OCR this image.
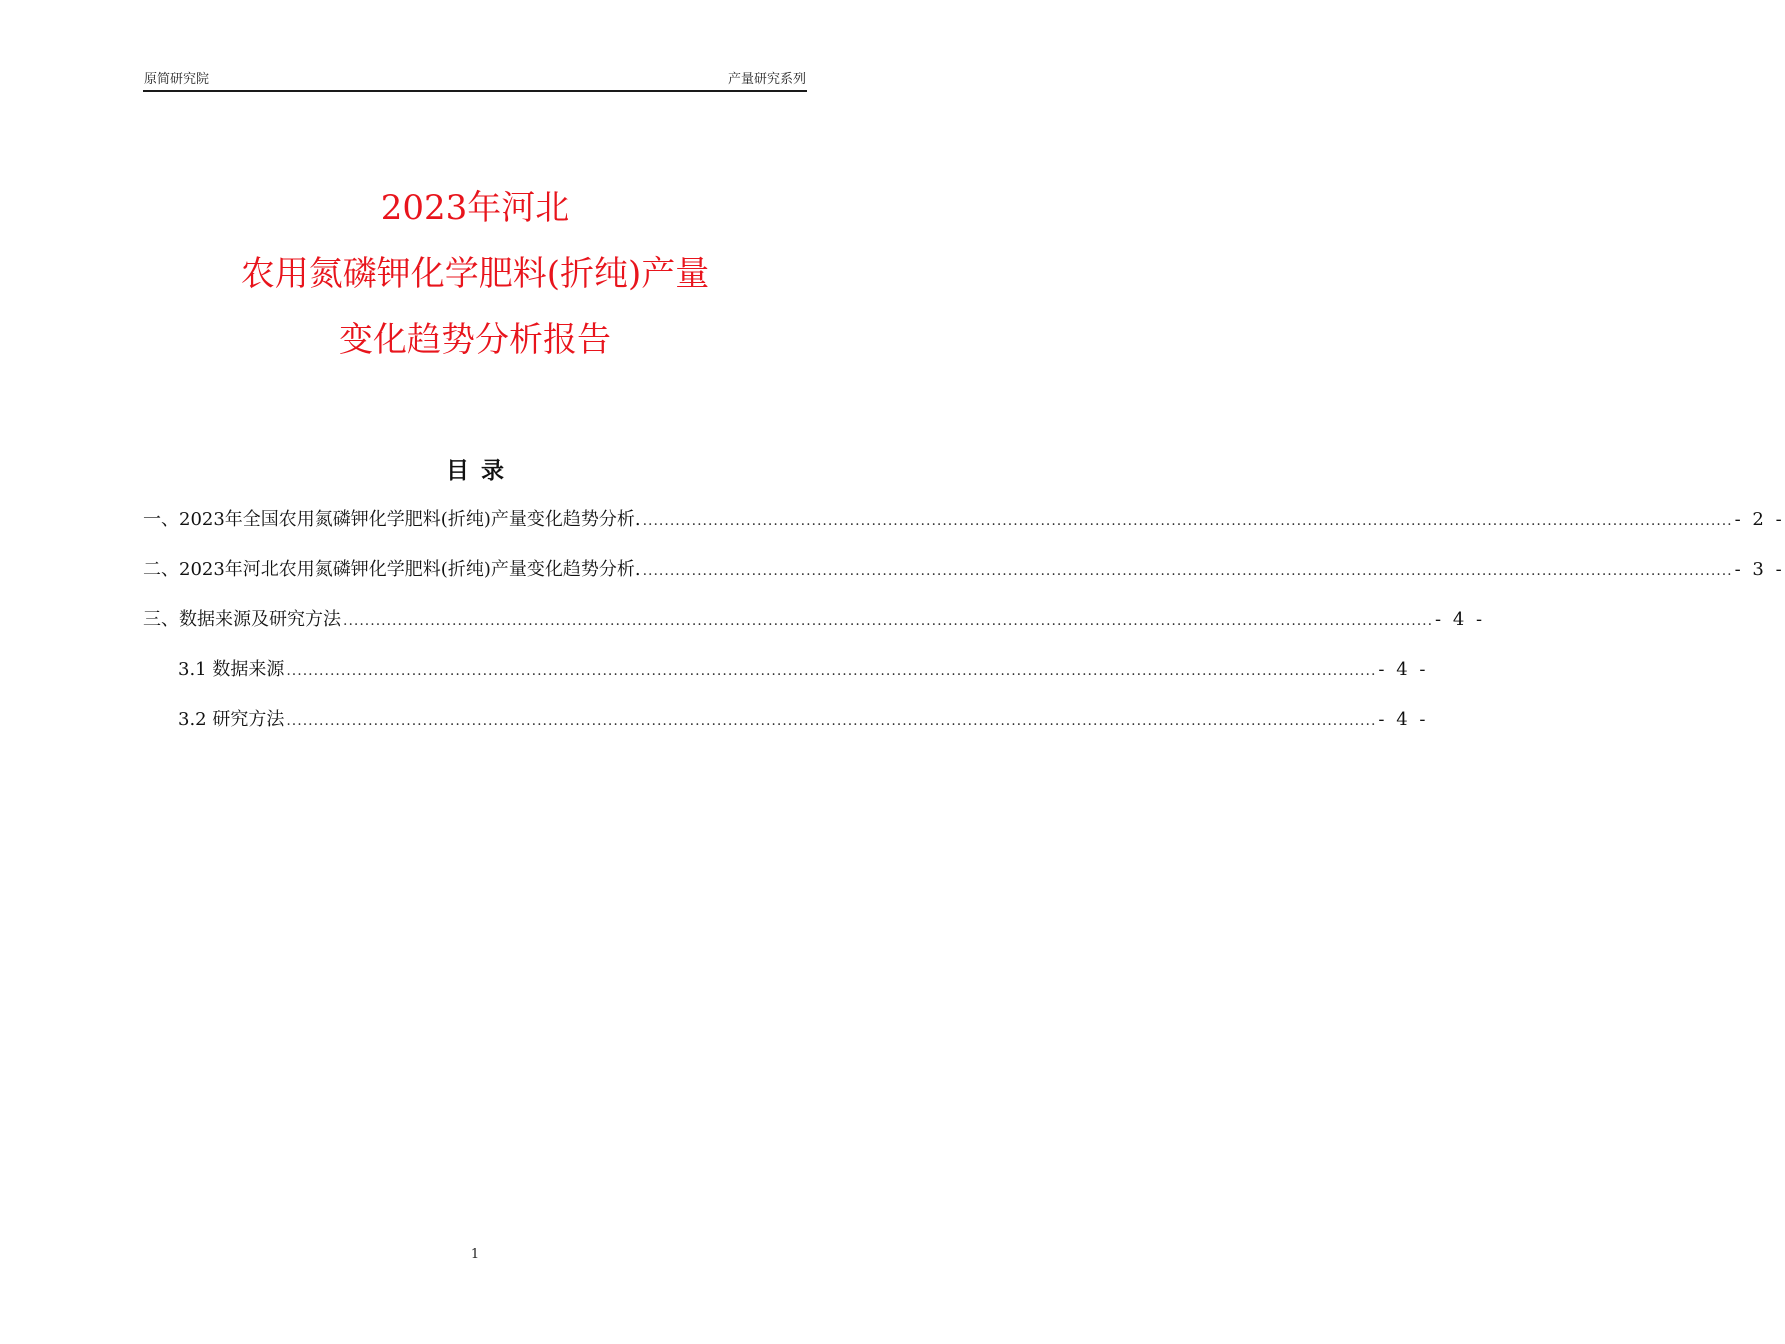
原简研究院	产量研究系列
2023年河北
农用氮磷钾化学肥料(折纯)产量
变化趋势分析报告
目录
一、2023年全国农用氮磷钾化学肥料(折纯)产量变化趋势分析. ........................................................................................................................................................................................................ - 2 -
二、2023年河北农用氮磷钾化学肥料(折纯)产量变化趋势分析. ........................................................................................................................................................................................................ - 3 -
三、数据来源及研究方法 ........................................................................................................................................................................................................ - 4 -
3.1 数据来源 ........................................................................................................................................................................................................ - 4 -
3.2 研究方法 ........................................................................................................................................................................................................ - 4 -
1
